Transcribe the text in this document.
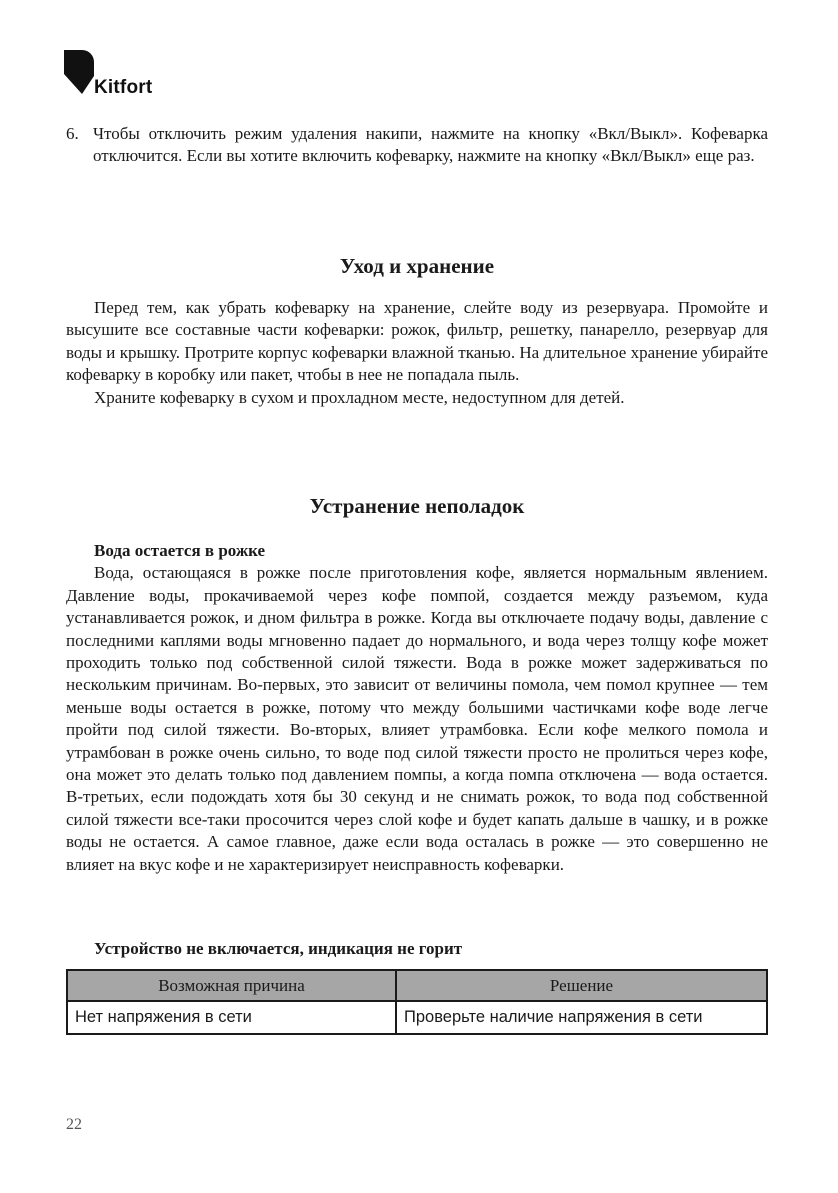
Kitfort
6. Чтобы отключить режим удаления накипи, нажмите на кнопку «Вкл/Выкл». Кофеварка отключится. Если вы хотите включить кофеварку, нажмите на кнопку «Вкл/Выкл» еще раз.
Уход и хранение

Перед тем, как убрать кофеварку на хранение, слейте воду из резервуара. Промойте и высушите все составные части кофеварки: рожок, фильтр, решетку, панарелло, резервуар для воды и крышку. Протрите корпус кофеварки влажной тканью. На длительное хранение убирайте кофеварку в коробку или пакет, чтобы в нее не попадала пыль.

Храните кофеварку в сухом и прохладном месте, недоступном для детей.

Устранение неполадок

Вода остается в рожке

Вода, остающаяся в рожке после приготовления кофе, является нормальным явлением. Давление воды, прокачиваемой через кофе помпой, создается между разъемом, куда устанавливается рожок, и дном фильтра в рожке. Когда вы отключаете подачу воды, давление с последними каплями воды мгновенно падает до нормального, и вода через толщу кофе может проходить только под собственной силой тяжести. Вода в рожке может задерживаться по нескольким причинам. Во-первых, это зависит от величины помола, чем помол крупнее — тем меньше воды остается в рожке, потому что между большими частичками кофе воде легче пройти под силой тяжести. Во-вторых, влияет утрамбовка. Если кофе мелкого помола и утрамбован в рожке очень сильно, то воде под силой тяжести просто не пролиться через кофе, она может это делать только под давлением помпы, а когда помпа отключена — вода остается. В-третьих, если подождать хотя бы 30 секунд и не снимать рожок, то вода под собственной силой тяжести все-таки просочится через слой кофе и будет капать дальше в чашку, и в рожке воды не остается. А самое главное, даже если вода осталась в рожке — это совершенно не влияет на вкус кофе и не характеризирует неисправность кофеварки.

Устройство не включается, индикация не горит

Возможная причина	Решение
Нет напряжения в сети	Проверьте наличие напряжения в сети
22
